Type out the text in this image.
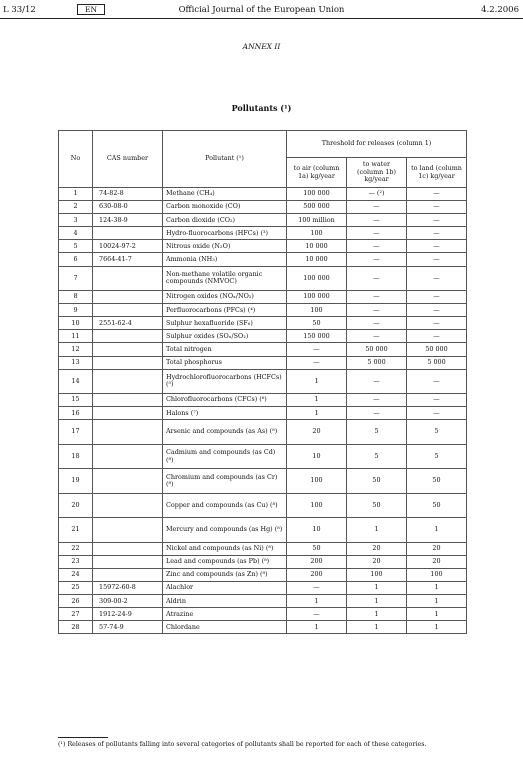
L 33/12	EN	Official Journal of the European Union	4.2.2006
ANNEX II
Pollutants (¹)
No	CAS number	Pollutant (¹)	Threshold for releases (column 1)		
			to air (column 1a) kg/year	to water (column 1b) kg/year	to land (column 1c) kg/year
1	74-82-8	Methane (CH₄)	100 000	— (²)	—
2	630-08-0	Carbon monoxide (CO)	500 000	—	—
3	124-38-9	Carbon dioxide (CO₂)	100 million	—	—
4		Hydro-fluorocarbons (HFCs) (³)	100	—	—
5	10024-97-2	Nitrous oxide (N₂O)	10 000	—	—
6	7664-41-7	Ammonia (NH₃)	10 000	—	—
7		Non-methane volatile organic compounds (NMVOC)	100 000	—	—
8		Nitrogen oxides (NOₓ/NO₂)	100 000	—	—
9		Perfluorocarbons (PFCs) (⁴)	100	—	—
10	2551-62-4	Sulphur hexafluoride (SF₆)	50	—	—
11		Sulphur oxides (SOₓ/SO₂)	150 000	—	—
12		Total nitrogen	—	50 000	50 000
13		Total phosphorus	—	5 000	5 000
14		Hydrochlorofluorocarbons (HCFCs) (⁵)	1	—	—
15		Chlorofluorocarbons (CFCs) (⁶)	1	—	—
16		Halons (⁷)	1	—	—
17		Arsenic and compounds (as As) (⁸)	20	5	5
18		Cadmium and compounds (as Cd) (⁸)	10	5	5
19		Chromium and compounds (as Cr) (⁸)	100	50	50
20		Copper and compounds (as Cu) (⁸)	100	50	50
21		Mercury and compounds (as Hg) (⁸)	10	1	1
22		Nickel and compounds (as Ni) (⁸)	50	20	20
23		Lead and compounds (as Pb) (⁸)	200	20	20
24		Zinc and compounds (as Zn) (⁸)	200	100	100
25	15972-60-8	Alachlor	—	1	1
26	309-00-2	Aldrin	1	1	1
27	1912-24-9	Atrazine	—	1	1
28	57-74-9	Chlordane	1	1	1
(¹) Releases of pollutants falling into several categories of pollutants shall be reported for each of these categories.
